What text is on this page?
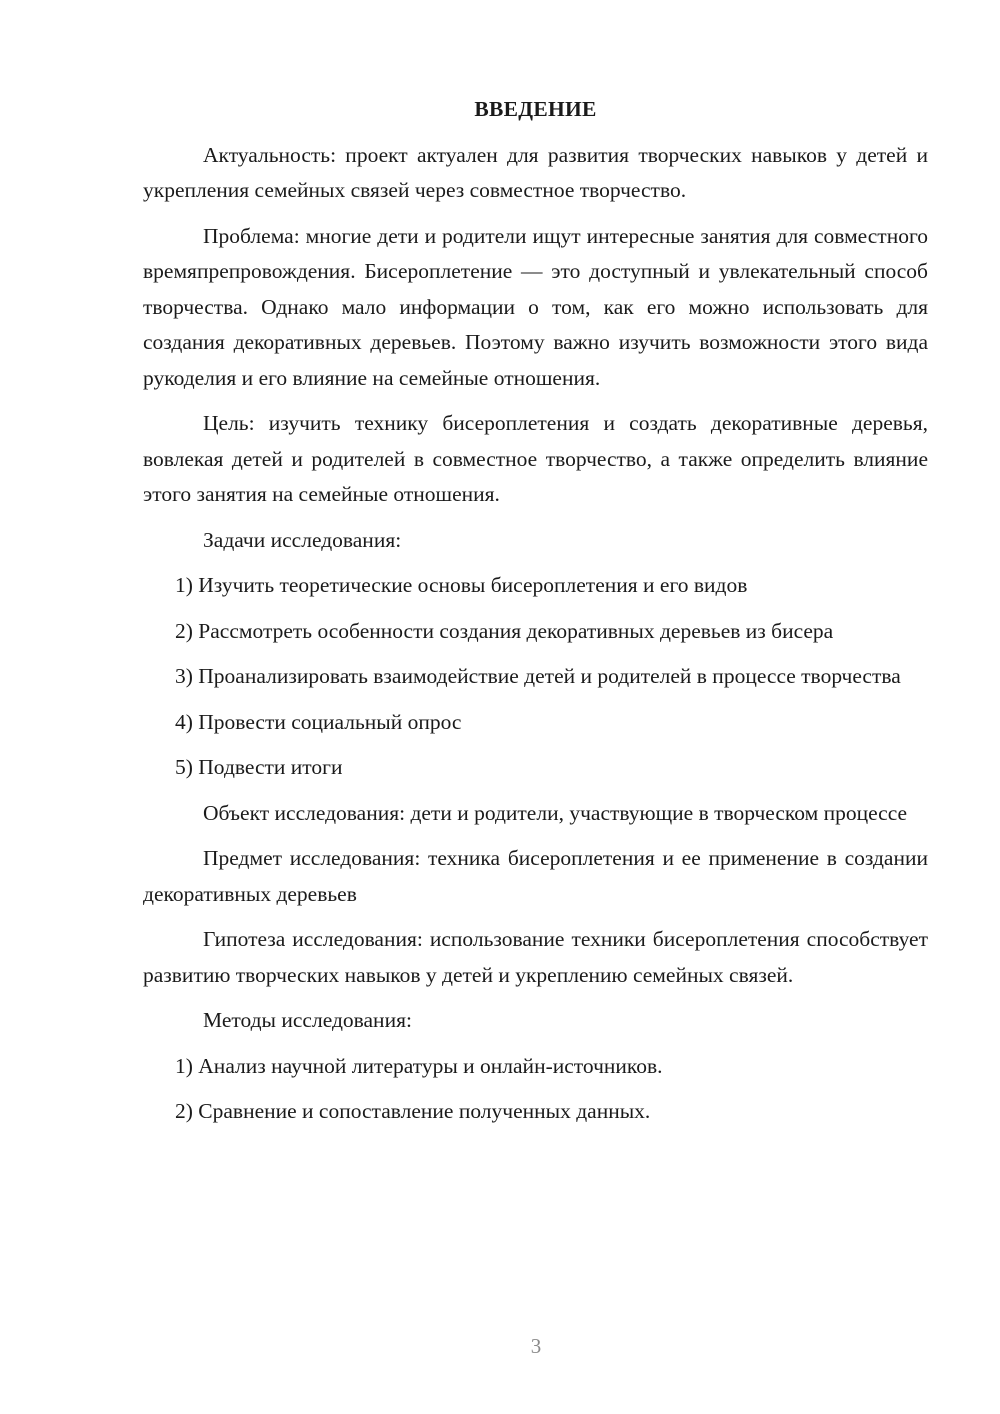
ВВЕДЕНИЕ
Актуальность: проект актуален для развития творческих навыков у детей и укрепления семейных связей через совместное творчество.
Проблема: многие дети и родители ищут интересные занятия для совместного времяпрепровождения. Бисероплетение — это доступный и увлекательный способ творчества. Однако мало информации о том, как его можно использовать для создания декоративных деревьев. Поэтому важно изучить возможности этого вида рукоделия и его влияние на семейные отношения.
Цель: изучить технику бисероплетения и создать декоративные деревья, вовлекая детей и родителей в совместное творчество, а также определить влияние этого занятия на семейные отношения.
Задачи исследования:
1) Изучить теоретические основы бисероплетения и его видов
2) Рассмотреть особенности создания декоративных деревьев из бисера
3) Проанализировать взаимодействие детей и родителей в процессе творчества
4) Провести социальный опрос
5) Подвести итоги
Объект исследования: дети и родители, участвующие в творческом процессе
Предмет исследования: техника бисероплетения и ее применение в создании декоративных деревьев
Гипотеза исследования: использование техники бисероплетения способствует развитию творческих навыков у детей и укреплению семейных связей.
Методы исследования:
1) Анализ научной литературы и онлайн-источников.
2) Сравнение и сопоставление полученных данных.
3
